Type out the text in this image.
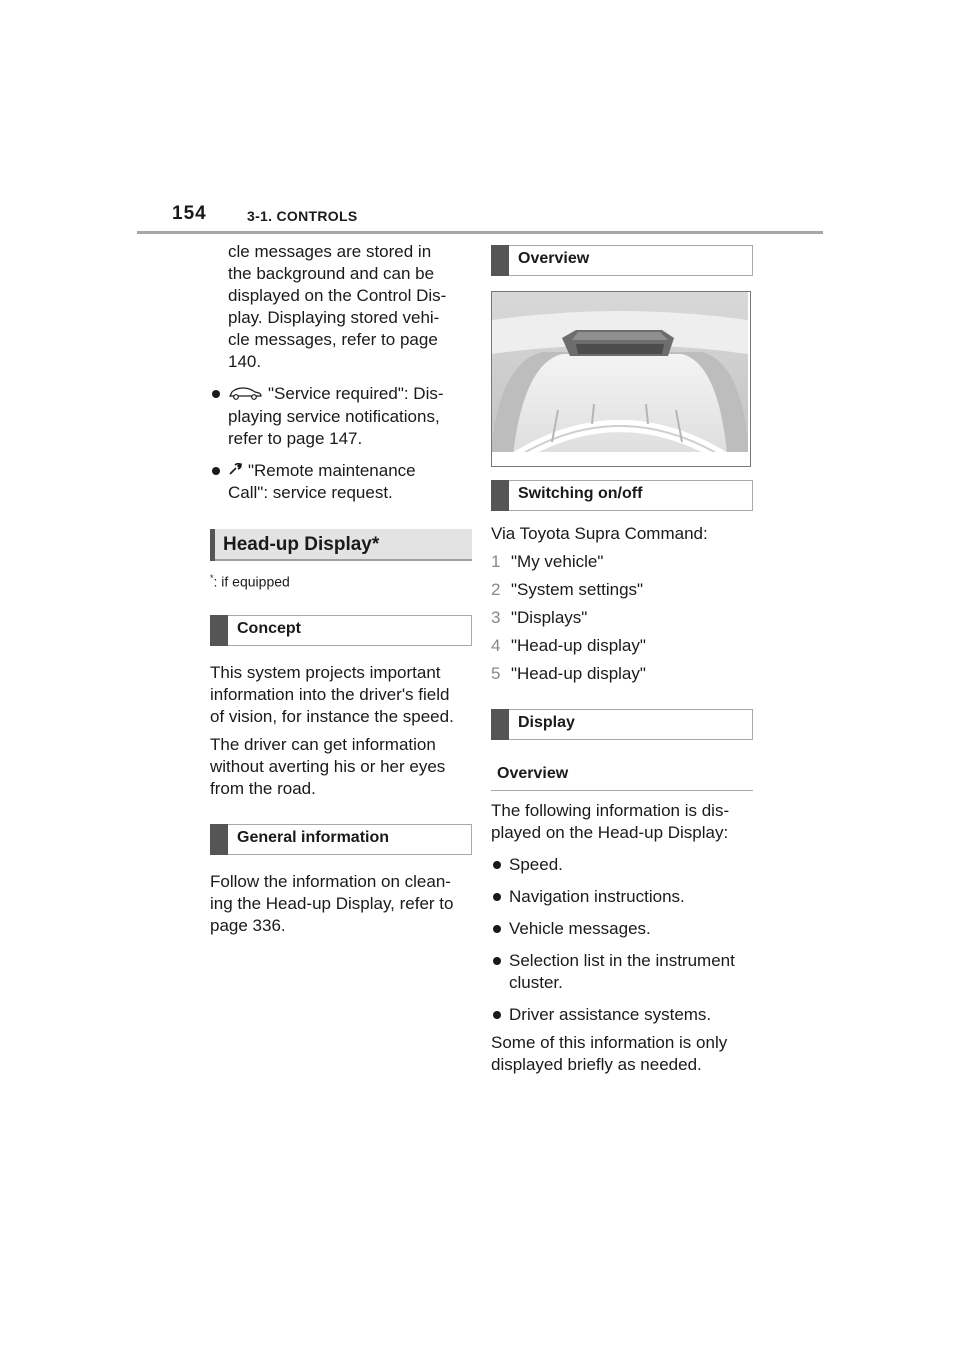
154	3-1. CONTROLS

cle messages are stored in

the background and can be

displayed on the Control Dis-

play. Displaying stored vehi-

cle messages, refer to page

140.

"Service required": Dis-

playing service notifications,

refer to page 147.

"Remote maintenance

Call": service request.

Head-up Display*

*: if equipped

Concept

This system projects important

information into the driver's field

of vision, for instance the speed.

The driver can get information

without averting his or her eyes

from the road.

General information

Follow the information on clean-

ing the Head-up Display, refer to

page 336.

Overview
Switching on/off

Via Toyota Supra Command:

1 "My vehicle"

2 "System settings"

3 "Displays"

4 "Head-up display"

5 "Head-up display"

Display
Overview

The following information is dis-

played on the Head-up Display:

Speed.

Navigation instructions.

Vehicle messages.

Selection list in the instrument

cluster.

Driver assistance systems.

Some of this information is only

displayed briefly as needed.
